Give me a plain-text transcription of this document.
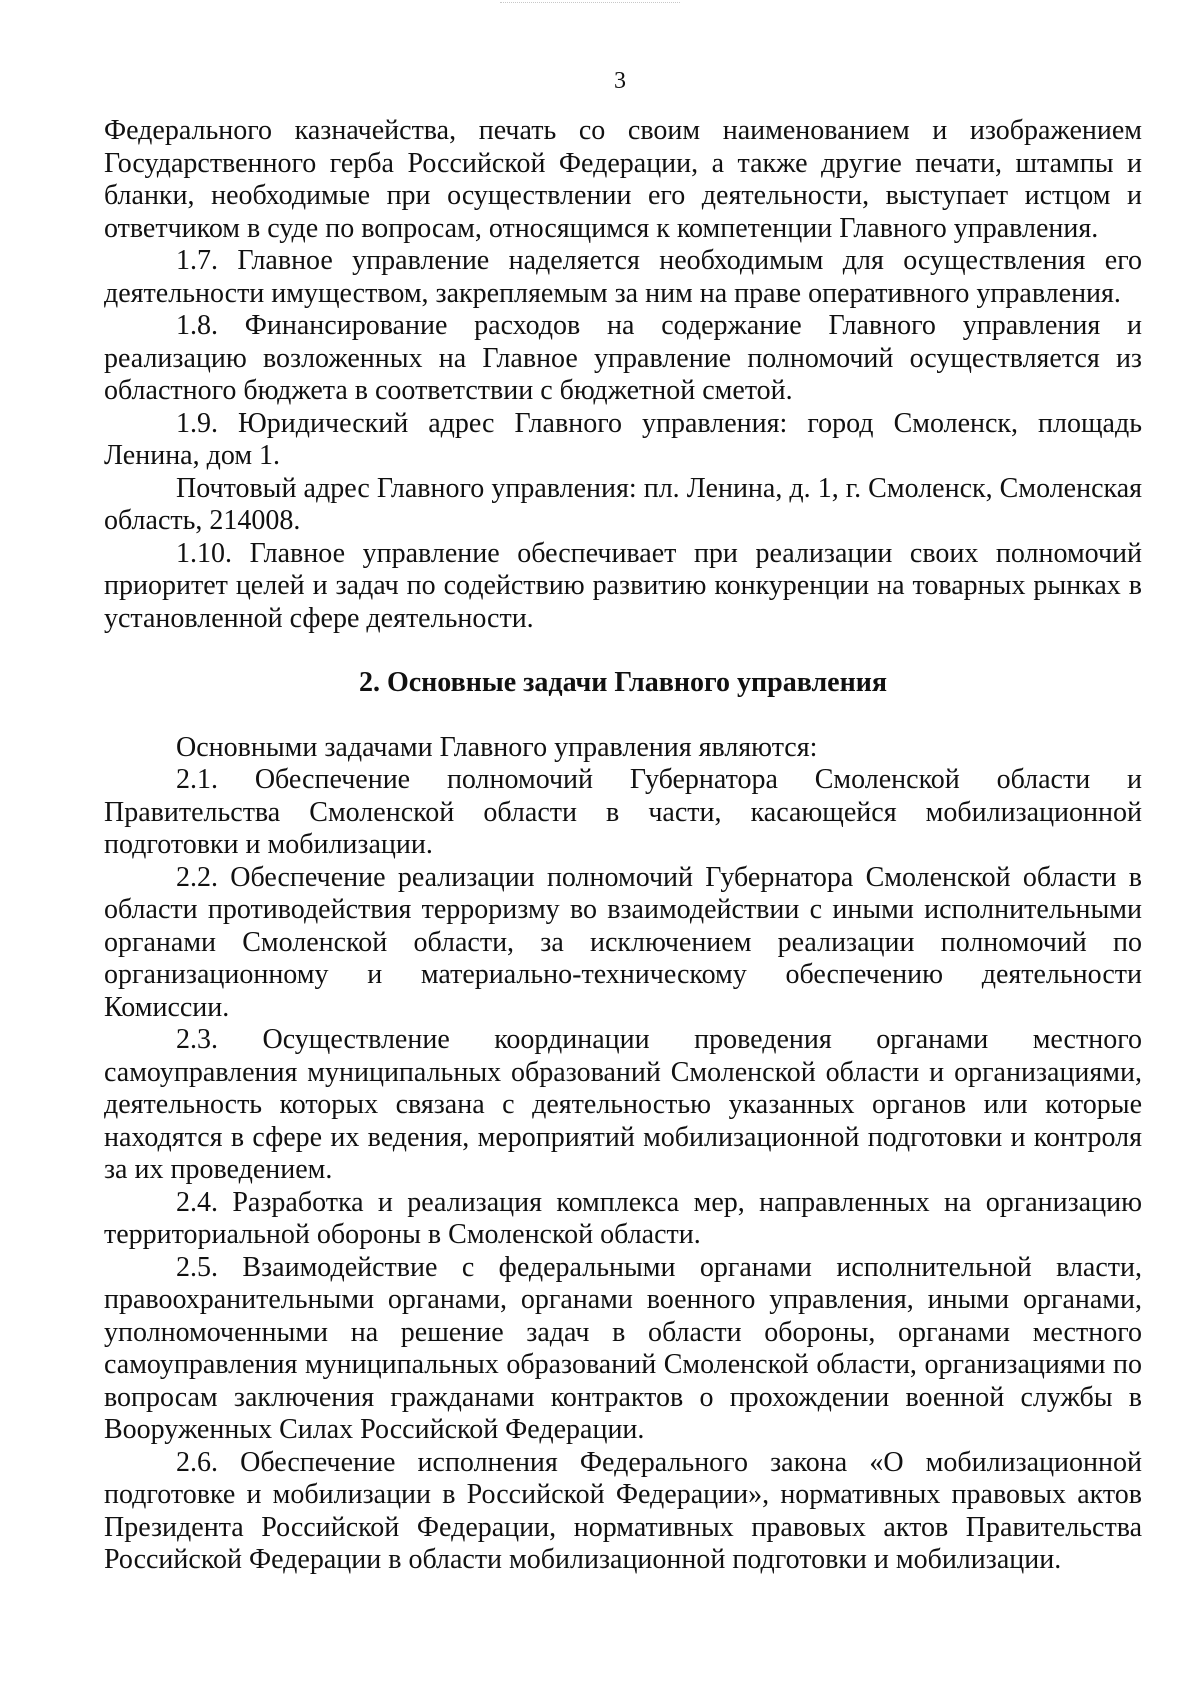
3

Федерального казначейства, печать со своим наименованием и изображением Государственного герба Российской Федерации, а также другие печати, штампы и бланки, необходимые при осуществлении его деятельности, выступает истцом и ответчиком в суде по вопросам, относящимся к компетенции Главного управления.

1.7. Главное управление наделяется необходимым для осуществления его деятельности имуществом, закрепляемым за ним на праве оперативного управления.

1.8. Финансирование расходов на содержание Главного управления и реализацию возложенных на Главное управление полномочий осуществляется из областного бюджета в соответствии с бюджетной сметой.

1.9. Юридический адрес Главного управления: город Смоленск, площадь Ленина, дом 1.

Почтовый адрес Главного управления: пл. Ленина, д. 1, г. Смоленск, Смоленская область, 214008.

1.10. Главное управление обеспечивает при реализации своих полномочий приоритет целей и задач по содействию развитию конкуренции на товарных рынках в установленной сфере деятельности.

2. Основные задачи Главного управления

Основными задачами Главного управления являются:

2.1. Обеспечение полномочий Губернатора Смоленской области и Правительства Смоленской области в части, касающейся мобилизационной подготовки и мобилизации.

2.2. Обеспечение реализации полномочий Губернатора Смоленской области в области противодействия терроризму во взаимодействии с иными исполнительными органами Смоленской области, за исключением реализации полномочий по организационному и материально-техническому обеспечению деятельности Комиссии.

2.3. Осуществление координации проведения органами местного самоуправления муниципальных образований Смоленской области и организациями, деятельность которых связана с деятельностью указанных органов или которые находятся в сфере их ведения, мероприятий мобилизационной подготовки и контроля за их проведением.

2.4. Разработка и реализация комплекса мер, направленных на организацию территориальной обороны в Смоленской области.

2.5. Взаимодействие с федеральными органами исполнительной власти, правоохранительными органами, органами военного управления, иными органами, уполномоченными на решение задач в области обороны, органами местного самоуправления муниципальных образований Смоленской области, организациями по вопросам заключения гражданами контрактов о прохождении военной службы в Вооруженных Силах Российской Федерации.

2.6. Обеспечение исполнения Федерального закона «О мобилизационной подготовке и мобилизации в Российской Федерации», нормативных правовых актов Президента Российской Федерации, нормативных правовых актов Правительства Российской Федерации в области мобилизационной подготовки и мобилизации.
